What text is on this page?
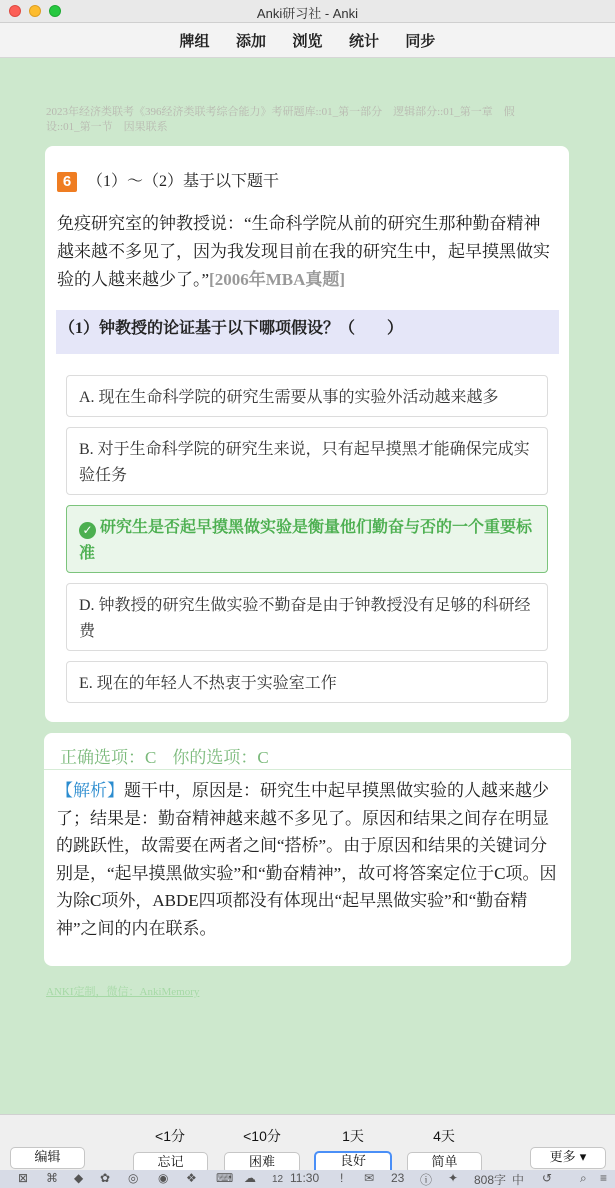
Anki研习社 - Anki
牌组 添加 浏览 统计 同步
2023年经济类联考《396经济类联考综合能力》考研题库::01_第一部分　逻辑部分::01_第一章　假　设::01_第一节　因果联系
6 （1）～（2）基于以下题干
免疫研究室的钟教授说：“生命科学院从前的研究生那种勤奋精神越来越不多见了，因为我发现目前在我的研究生中，起早摸黑做实验的人越来越少了。”[2006年MBA真题]
（1）钟教授的论证基于以下哪项假设？（　　）
A. 现在生命科学院的研究生需要从事的实验外活动越来越多
B. 对于生命科学院的研究生来说，只有起早摸黑才能确保完成实验任务
✓ 研究生是否起早摸黑做实验是衡量他们勤奋与否的一个重要标准
D. 钟教授的研究生做实验不勤奋是由于钟教授没有足够的科研经费
E. 现在的年轻人不热衷于实验室工作
正确选项：C 你的选项：C
【解析】题干中，原因是：研究生中起早摸黑做实验的人越来越少了；结果是：勤奋精神越来越不多见了。原因和结果之间存在明显的跳跃性，故需要在两者之间“搭桥”。由于原因和结果的关键词分别是，“起早摸黑做实验”和“勤奋精神”，故可将答案定位于C项。因为除C项外，ABDE四项都没有体现出“起早黑做实验”和“勤奋精神”之间的内在联系。
ANKI定制，微信：AnkiMemory
<1分	<10分	1天	4天
编辑	忘记	困难	良好	简单	更多 ▾
⊠ ⌘ ◆ ✿ ◎ ◉ ❖ ⌨ ☁ 12 11:30 ! ✉ 23 ⓘ ✦ 808字 中 ↺ ⌕ ≡
